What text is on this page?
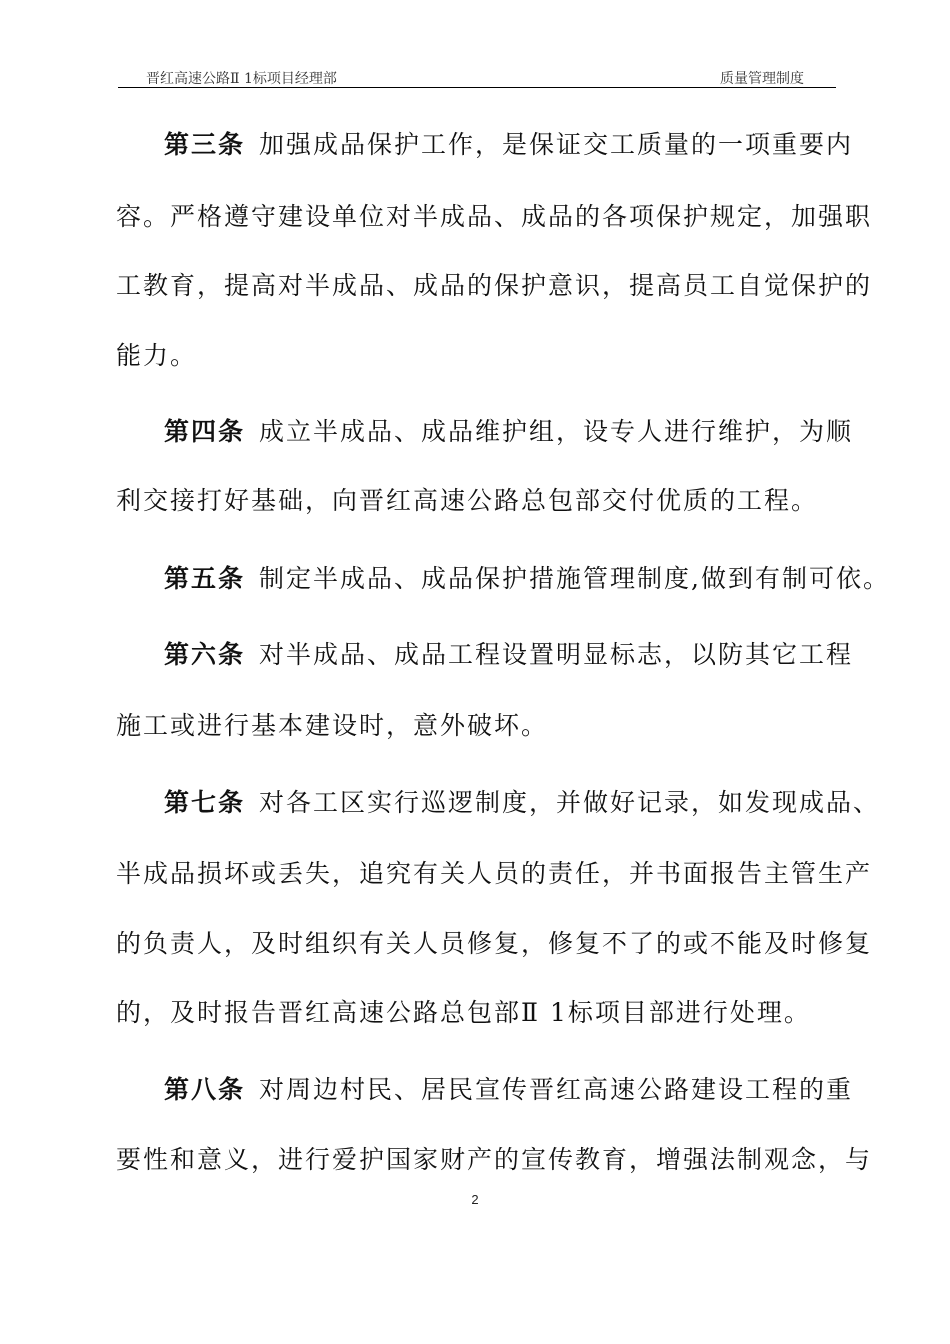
晋红高速公路Ⅱ 1标项目经理部	质量管理制度
第三条 加强成品保护工作，是保证交工质量的一项重要内
容。严格遵守建设单位对半成品、成品的各项保护规定，加强职
工教育，提高对半成品、成品的保护意识，提高员工自觉保护的
能力。
第四条 成立半成品、成品维护组，设专人进行维护，为顺
利交接打好基础，向晋红高速公路总包部交付优质的工程。
第五条 制定半成品、成品保护措施管理制度,做到有制可依。
第六条 对半成品、成品工程设置明显标志，以防其它工程
施工或进行基本建设时，意外破坏。
第七条 对各工区实行巡逻制度，并做好记录，如发现成品、
半成品损坏或丢失，追究有关人员的责任，并书面报告主管生产
的负责人，及时组织有关人员修复，修复不了的或不能及时修复
的，及时报告晋红高速公路总包部Ⅱ 1标项目部进行处理。
第八条 对周边村民、居民宣传晋红高速公路建设工程的重
要性和意义，进行爱护国家财产的宣传教育，增强法制观念，与
2
